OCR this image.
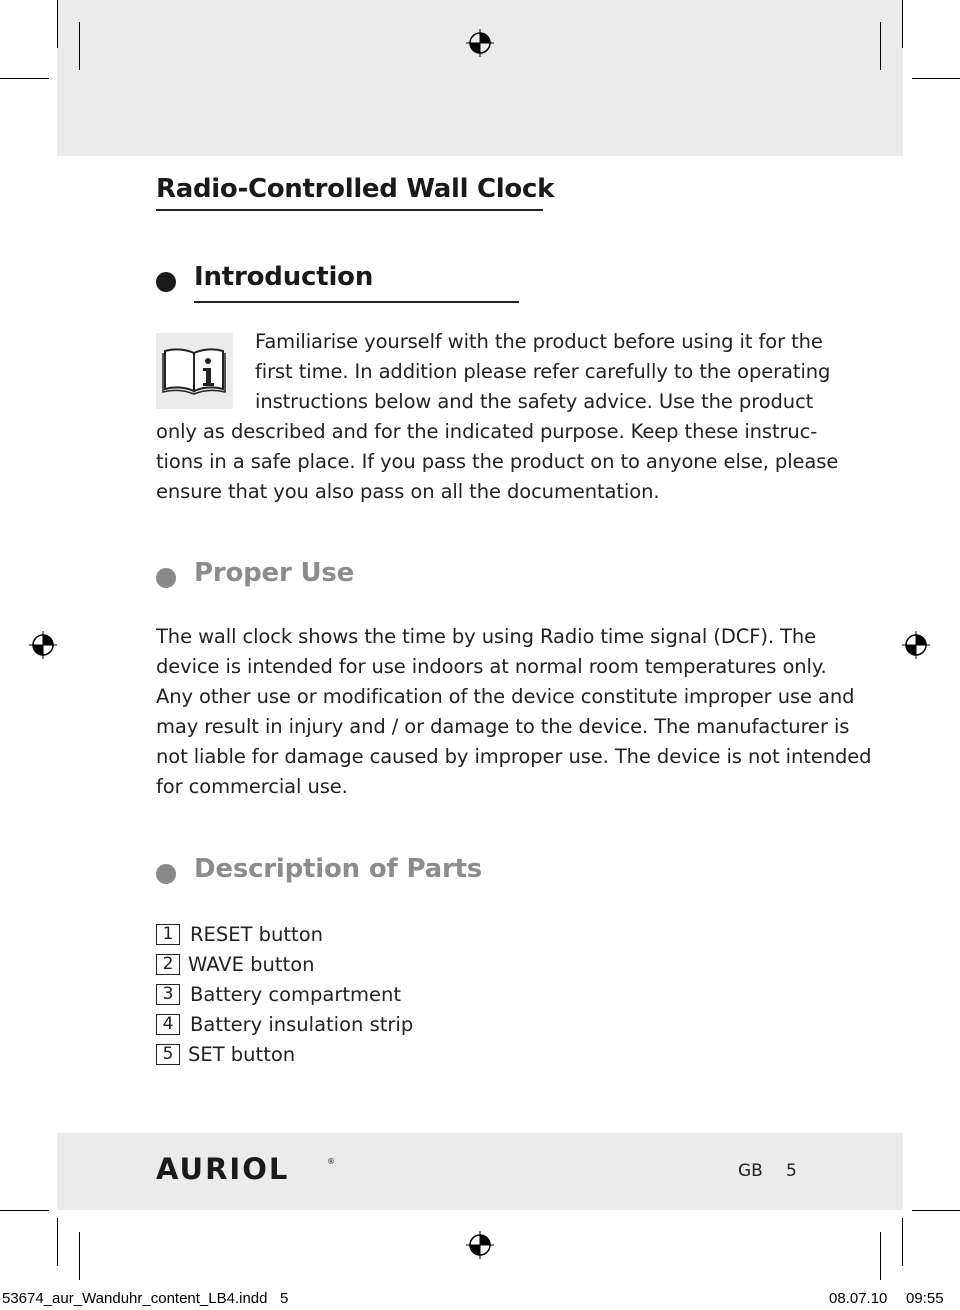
Radio-Controlled Wall Clock
Introduction
Familiarise yourself with the product before using it for the
first time. In addition please refer carefully to the operating
instructions below and the safety advice. Use the product
only as described and for the indicated purpose. Keep these instruc-
tions in a safe place. If you pass the product on to anyone else, please
ensure that you also pass on all the documentation.
Proper Use
The wall clock shows the time by using Radio time signal (DCF). The
device is intended for use indoors at normal room temperatures only.
Any other use or modification of the device constitute improper use and
may result in injury and / or damage to the device. The manufacturer is
not liable for damage caused by improper use. The device is not intended
for commercial use.
Description of Parts
1 RESET button
2 WAVE button
3 Battery compartment
4 Battery insulation strip
5 SET button
AURIOL	®	GB 5
53674_aur_Wanduhr_content_LB4.indd   5	08.07.10 09:55
